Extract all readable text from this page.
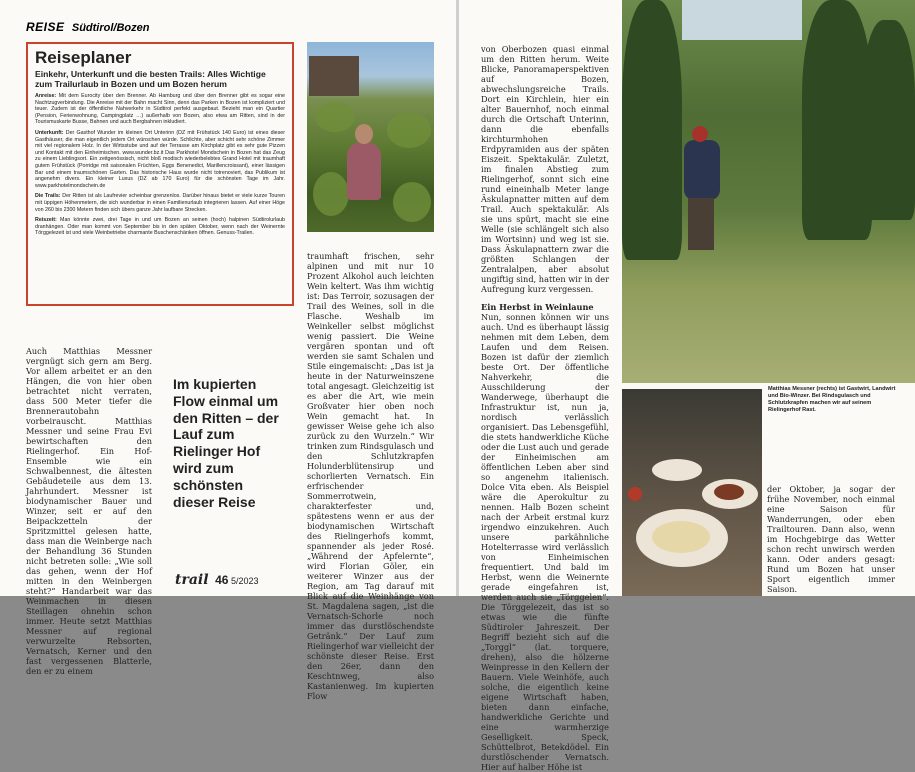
REISE Südtirol/Bozen
Reiseplaner
Einkehr, Unterkunft und die besten Trails: Alles Wichtige zum Trailurlaub in Bozen und um Bozen herum

Anreise: Mit dem Eurocity über den Brenner. Ab Hamburg und über den Brenner gibt es sogar eine Nachtzugverbindung. Die Anreise mit der Bahn macht Sinn, denn das Parken in Bozen ist kompliziert und teuer. Zudem ist der öffentliche Nahverkehr in Südtirol perfekt ausgebaut. Bezieht man ein Quartier (Pension, Ferienwohnung, Campingplatz …) außerhalb von Bozen, also etwa am Ritten, sind in der Tourismuskarte Busse, Bahnen und auch Bergbahnen inkludiert.

Unterkunft: Der Gasthof Wunder im kleinen Ort Unterinn (DZ mit Frühstück 140 Euro) ist eines dieser Gasthäuser, die man eigentlich jedem Ort wünschen würde. Schlichte, aber schicht sehr schöne Zimmer mit viel regionalem Holz. In der Wirtsstube und auf der Terrasse am Kirchplatz gibt es sehr gute Pizzen und Kontakt mit den Einheimischen. www.wunder.bz.it Das Parkhotel Mondschein in Bozen hat das Zeug zu einem Lieblingsort. Ein zeitgenössisch, nicht bloß modisch wiederbelebtes Grand Hotel mit traumhaft gutem Frühstück (Porridge mit saisonalen Früchten, Eggs Benenedict, Marillencroissant), einer lässigen Bar und einem traumschönen Garten. Das historische Haus wurde nicht totrenoviert, das Publikum ist angenehm divers. Ein kleiner Luxus (DZ ab 170 Euro) für die schönsten Tage im Jahr. www.parkhotelmondschein.de

Die Trails: Der Ritten ist als Laufrevier scheinbar grenzenlos. Darüber hinaus bietet er viele kurze Touren mit üppigen Höhenmetern, die sich wunderbar in einen Familienurlaub integrieren lassen. Auf einer Höge von 260 bis 2300 Metern finden sich übers ganze Jahr laufbare Strecken.

Reiszeit: Man könnte zwei, drei Tage in und um Bozen an seinen (hoch) halpinen Südtirolurlaub dranhängen. Oder man kommt von September bis in den späten Oktober, wenn nach der Weinernte Törggelezeit ist und viele Weinbetriebe charmante Buschenschänken öffnen. Genuss-Trailen.

Auch Matthias Messner vergnügt sich gern am Berg. Vor allem arbeitet er an den Hängen, die von hier oben betrachtet nicht verraten, dass 500 Meter tiefer die Brennerautobahn vorbeirauscht. Matthias Messner und seine Frau Evi bewirtschaften den Rielingerhof. Ein Hof-Ensemble wie ein Schwalbennest, die ältesten Gebäudeteile aus dem 13. Jahrhundert. Messner ist biodynamischer Bauer und Winzer, seit er auf den Beipackzetteln der Spritzmittel gelesen hatte, dass man die Weinberge nach der Behandlung 36 Stunden nicht betreten solle: „Wie soll das gehen, wenn der Hof mitten in den Weinbergen steht?“ Handarbeit war das Weinmachen in diesen Steillagen ohnehin schon immer. Heute setzt Matthias Messner auf regional verwurzelte Rebsorten, Vernatsch, Kerner und den fast vergessenen Blatterle, den er zu einem

Im kupierten Flow einmal um den Ritten – der Lauf zum Rielinger Hof wird zum schönsten dieser Reise

traumhaft frischen, sehr alpinen und mit nur 10 Prozent Alkohol auch leichten Wein keltert. Was ihm wichtig ist: Das Terroir, sozusagen der Trail des Weines, soll in die Flasche. Weshalb im Weinkeller selbst möglichst wenig passiert. Die Weine vergären spontan und oft werden sie samt Schalen und Stile eingemaischt: „Das ist ja heute in der Naturweinszene total angesagt. Gleichzeitig ist es aber die Art, wie mein Großvater hier oben noch Wein gemacht hat. In gewisser Weise gehe ich also zurück zu den Wurzeln.“ Wir trinken zum Rindsgulasch und den Schlutzkrapfen Holunderblütensirup und schorlierten Vernatsch. Ein erfrischender Sommerrotwein, charakterfester und, spätestens wenn er aus der biodynamischen Wirtschaft des Rielingerhofs kommt, spannender als jeder Rosé. „Während der Apfelernte“, wird Florian Göler, ein weiterer Winzer aus der Region, am Tag darauf mit Blick auf die Weinhänge von St. Magdalena sagen, „ist die Vernatsch-Schorle noch immer das durstlöschendste Getränk.“ Der Lauf zum Rielingerhof war vielleicht der schönste dieser Reise. Erst den 26er, dann den Keschtnweg, also Kastanienweg. Im kupierten Flow

trail 46 5/2023

von Oberbozen quasi einmal um den Ritten herum. Weite Blicke, Panoramaperspektiven auf Bozen, abwechslungsreiche Trails. Dort ein Kirchlein, hier ein alter Bauernhof, noch einmal durch die Ortschaft Unterinn, dann die ebenfalls kirchturmhohen Erdpyramiden aus der späten Eiszeit. Spektakulär. Zuletzt, im finalen Abstieg zum Rielingerhof, sonnt sich eine rund eineinhalb Meter lange Äskulapnatter mitten auf dem Trail. Auch spektakulär. Als sie uns spürt, macht sie eine Welle (sie schlängelt sich also im Wortsinn) und weg ist sie. Dass Äskulapnattern zwar die größten Schlangen der Zentralalpen, aber absolut ungiftig sind, hatten wir in der Aufregung kurz vergessen.

Ein Herbst in Weinlaune

Nun, sonnen können wir uns auch. Und es überhaupt lässig nehmen mit dem Leben, dem Laufen und dem Reisen. Bozen ist dafür der ziemlich beste Ort. Der öffentliche Nahverkehr, die Ausschilderung der Wanderwege, überhaupt die Infrastruktur ist, nun ja, nordisch verlässlich organisiert. Das Lebensgefühl, die stets handwerkliche Küche oder die Lust auch und gerade der Einheimischen am öffentlichen Leben aber sind so angenehm italienisch. Dolce Vita eben. Als Beispiel wäre die Aperokultur zu nennen. Halb Bozen scheint nach der Arbeit erstmal kurz irgendwo einzukehren. Auch unsere parkähnliche Hotelterrasse wird verlässlich von Einheimischen frequentiert. Und bald im Herbst, wenn die Weinernte gerade eingefahren ist, werden auch sie „Törggelen“. Die Törggelezeit, das ist so etwas wie die fünfte Südtiroler Jahreszeit. Der Begriff bezieht sich auf die „Torggl“ (lat. torquere, drehen), also die hölzerne Weinpresse in den Kellern der Bauern. Viele Weinhöfe, auch solche, die eigentlich keine eigene Wirtschaft haben, bieten dann einfache, handwerkliche Gerichte und eine warmherzige Geselligkeit. Speck, Schüttelbrot, Betekdödel. Ein durstlöschender Vernatsch. Hier auf halber Höhe ist

Matthias Messner (rechts) ist Gastwirt, Landwirt und Bio-Winzer. Bei Rindsgulasch und Schlutzkrapfen machen wir auf seinem Rielingerhof Rast.

der Oktober, ja sogar der frühe November, noch einmal eine Saison für Wanderrungen, oder eben Trailtouren. Dann also, wenn im Hochgebirge das Wetter schon recht unwirsch werden kann. Oder anders gesagt: Rund um Bozen hat unser Sport eigentlich immer Saison.
